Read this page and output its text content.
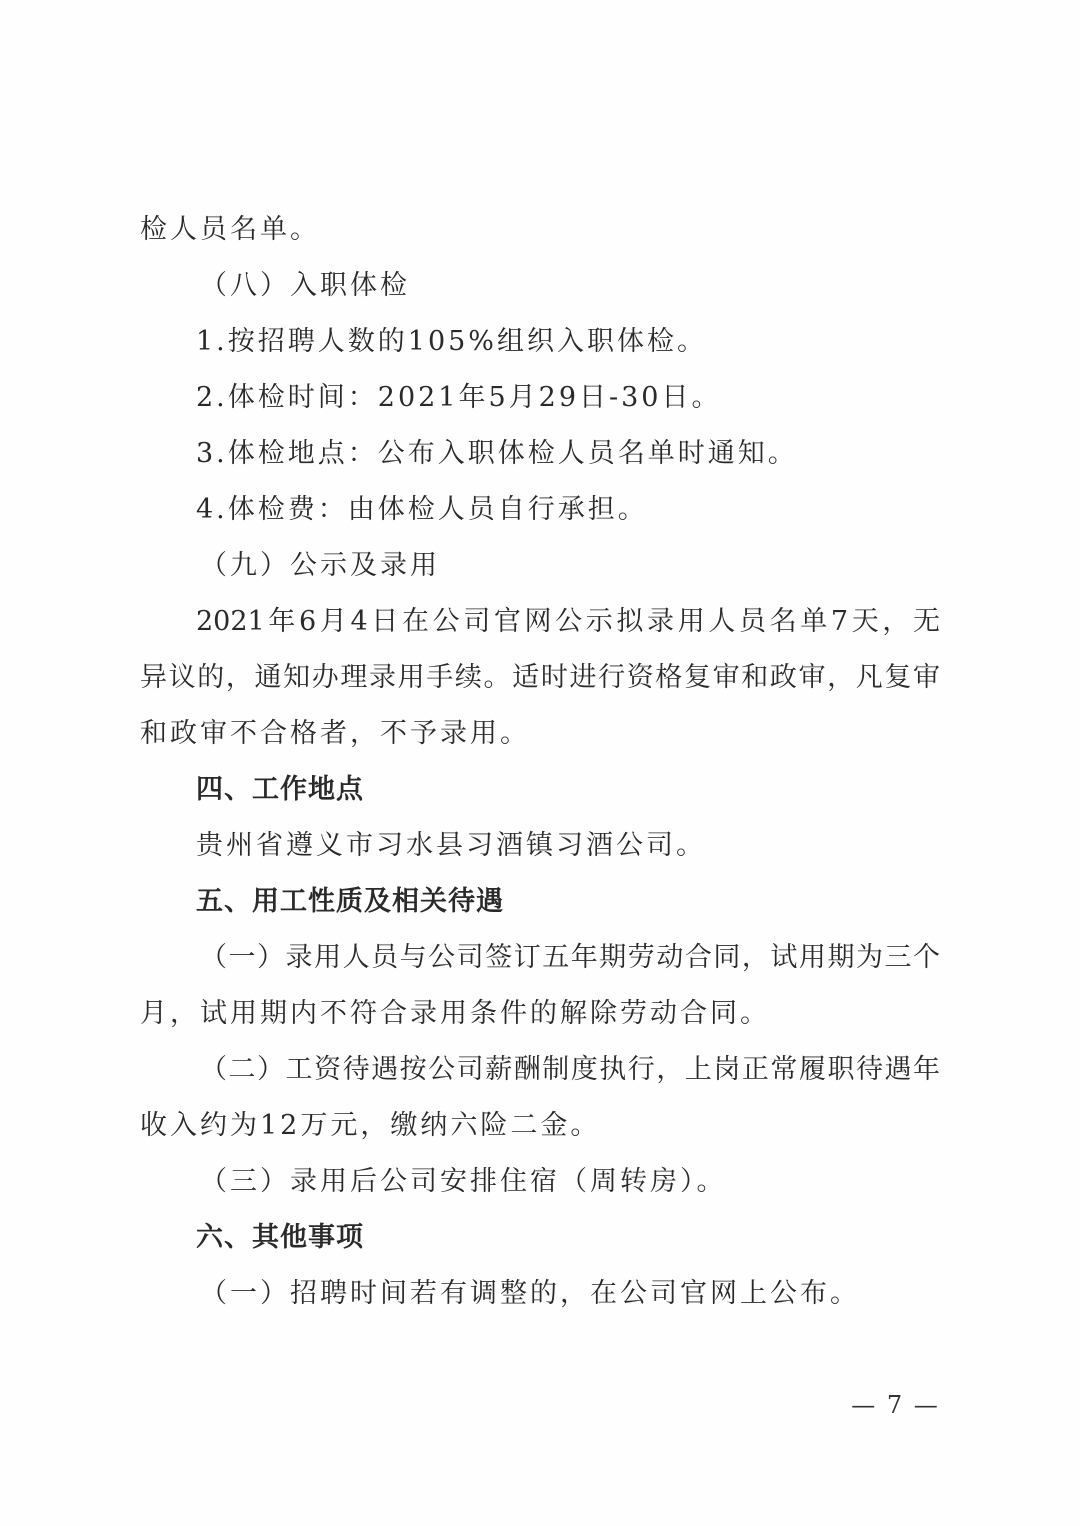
检人员名单。
（八）入职体检
1.按招聘人数的105%组织入职体检。
2.体检时间：2021年5月29日-30日。
3.体检地点：公布入职体检人员名单时通知。
4.体检费：由体检人员自行承担。
（九）公示及录用
2021年6月4日在公司官网公示拟录用人员名单7天，无
异议的，通知办理录用手续。适时进行资格复审和政审，凡复审
和政审不合格者，不予录用。
四、工作地点
贵州省遵义市习水县习酒镇习酒公司。
五、用工性质及相关待遇
（一）录用人员与公司签订五年期劳动合同，试用期为三个
月，试用期内不符合录用条件的解除劳动合同。
（二）工资待遇按公司薪酬制度执行，上岗正常履职待遇年
收入约为12万元，缴纳六险二金。
（三）录用后公司安排住宿（周转房）。
六、其他事项
（一）招聘时间若有调整的，在公司官网上公布。
— 7 —
